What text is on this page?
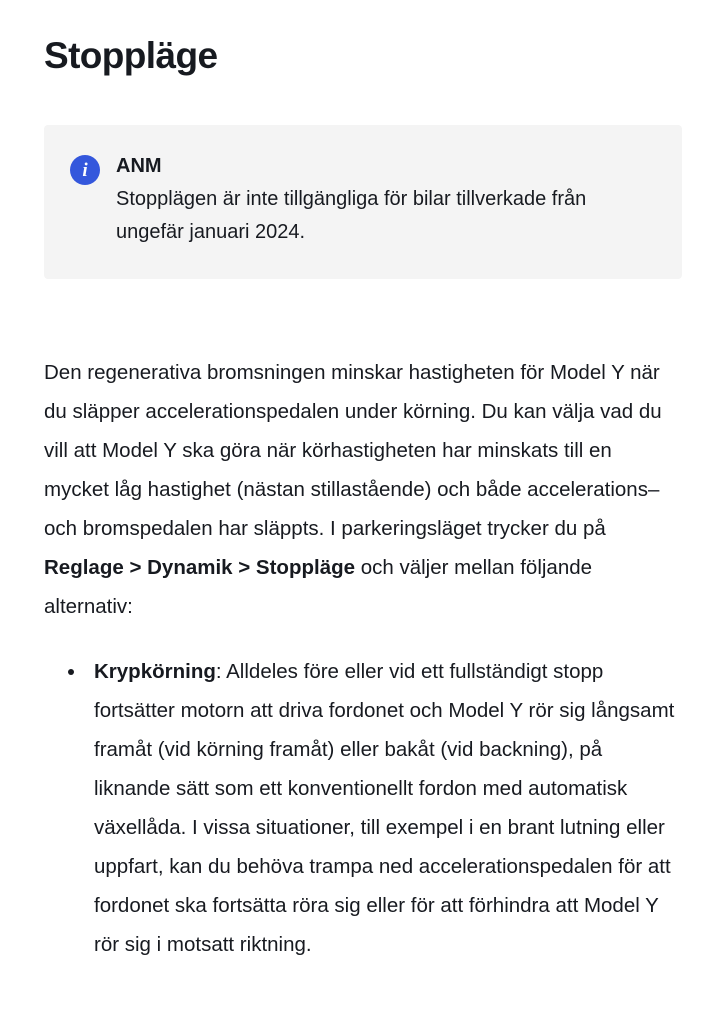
Stoppläge
i	ANM
Stopplägen är inte tillgängliga för bilar tillverkade från ungefär januari 2024.

Den regenerativa bromsningen minskar hastigheten för Model Y när du släpper accelerationspedalen under körning. Du kan välja vad du vill att Model Y ska göra när körhastigheten har minskats till en mycket låg hastighet (nästan stillastående) och både accelerations– och bromspedalen har släppts. I parkeringsläget trycker du på Reglage > Dynamik > Stoppläge och väljer mellan följande alternativ:

Krypkörning: Alldeles före eller vid ett fullständigt stopp fortsätter motorn att driva fordonet och Model Y rör sig långsamt framåt (vid körning framåt) eller bakåt (vid backning), på liknande sätt som ett konventionellt fordon med automatisk växellåda. I vissa situationer, till exempel i en brant lutning eller uppfart, kan du behöva trampa ned accelerationspedalen för att fordonet ska fortsätta röra sig eller för att förhindra att Model Y rör sig i motsatt riktning.
